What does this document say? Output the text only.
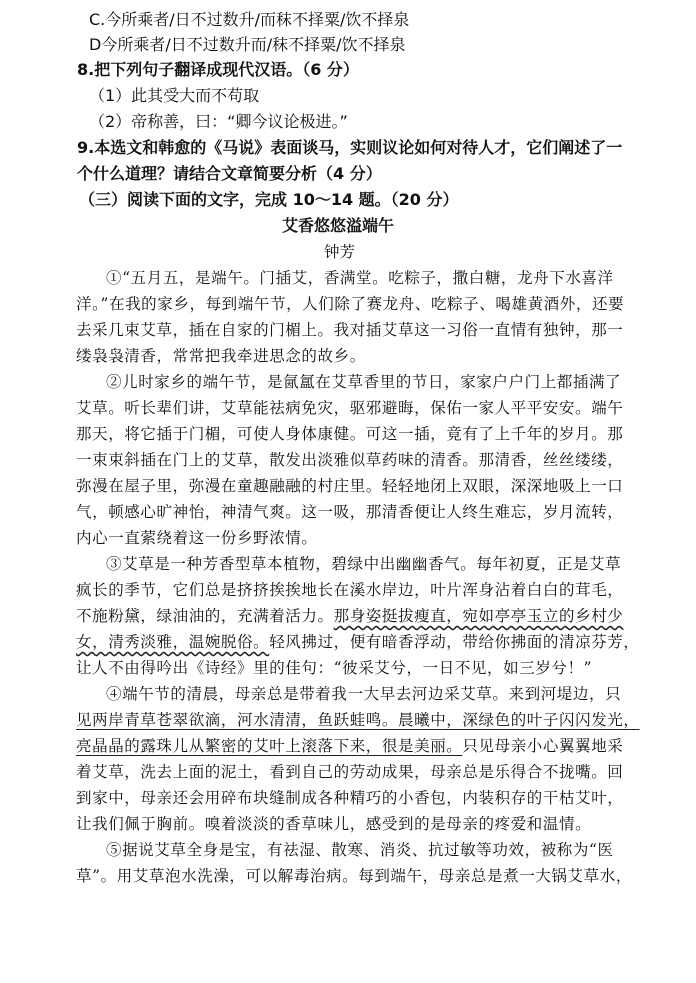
C.今所乘者/日不过数升/而秣不择粟/饮不择泉
D今所乘者/日不过数升而/秣不择粟/饮不择泉
8.把下列句子翻译成现代汉语。（6 分）
（1）此其受大而不苟取
（2）帝称善，曰：“卿今议论极进。”
9.本选文和韩愈的《马说》表面谈马，实则议论如何对待人才，它们阐述了一
个什么道理？请结合文章简要分析（4 分）
（三）阅读下面的文字，完成 10～14 题。（20 分）
艾香悠悠溢端午
钟芳
①“五月五，是端午。门插艾，香满堂。吃粽子，撒白糖，龙舟下水喜洋
洋。”在我的家乡，每到端午节，人们除了赛龙舟、吃粽子、喝雄黄酒外，还要
去采几束艾草，插在自家的门楣上。我对插艾草这一习俗一直情有独钟，那一
缕袅袅清香，常常把我牵进思念的故乡。
②儿时家乡的端午节，是氤氲在艾草香里的节日，家家户户门上都插满了
艾草。听长辈们讲，艾草能祛病免灾，驱邪避晦，保佑一家人平平安安。端午
那天，将它插于门楣，可使人身体康健。可这一插，竟有了上千年的岁月。那
一束束斜插在门上的艾草，散发出淡雅似草药味的清香。那清香，丝丝缕缕，
弥漫在屋子里，弥漫在童趣融融的村庄里。轻轻地闭上双眼，深深地吸上一口
气，顿感心旷神怡，神清气爽。这一吸，那清香便让人终生难忘，岁月流转，
内心一直萦绕着这一份乡野浓情。
③艾草是一种芳香型草本植物，碧绿中出幽幽香气。每年初夏，正是艾草
疯长的季节，它们总是挤挤挨挨地长在溪水岸边，叶片浑身沾着白白的茸毛，
不施粉黛，绿油油的，充满着活力。那身姿挺拔瘦直，宛如亭亭玉立的乡村少
女，清秀淡雅，温婉脱俗。轻风拂过，便有暗香浮动，带给你拂面的清凉芬芳，
让人不由得吟出《诗经》里的佳句：“彼采艾兮，一日不见，如三岁兮！”
④端午节的清晨，母亲总是带着我一大早去河边采艾草。来到河堤边，只
见两岸青草苍翠欲滴，河水清清，鱼跃蛙鸣。晨曦中，深绿色的叶子闪闪发光，
亮晶晶的露珠儿从繁密的艾叶上滚落下来，很是美丽。只见母亲小心翼翼地采
着艾草，洗去上面的泥土，看到自己的劳动成果，母亲总是乐得合不拢嘴。回
到家中，母亲还会用碎布块缝制成各种精巧的小香包，内装积存的干枯艾叶，
让我们佩于胸前。嗅着淡淡的香草味儿，感受到的是母亲的疼爱和温情。
⑤据说艾草全身是宝，有祛湿、散寒、消炎、抗过敏等功效，被称为“医
草”。用艾草泡水洗澡，可以解毒治病。每到端午，母亲总是煮一大锅艾草水，
